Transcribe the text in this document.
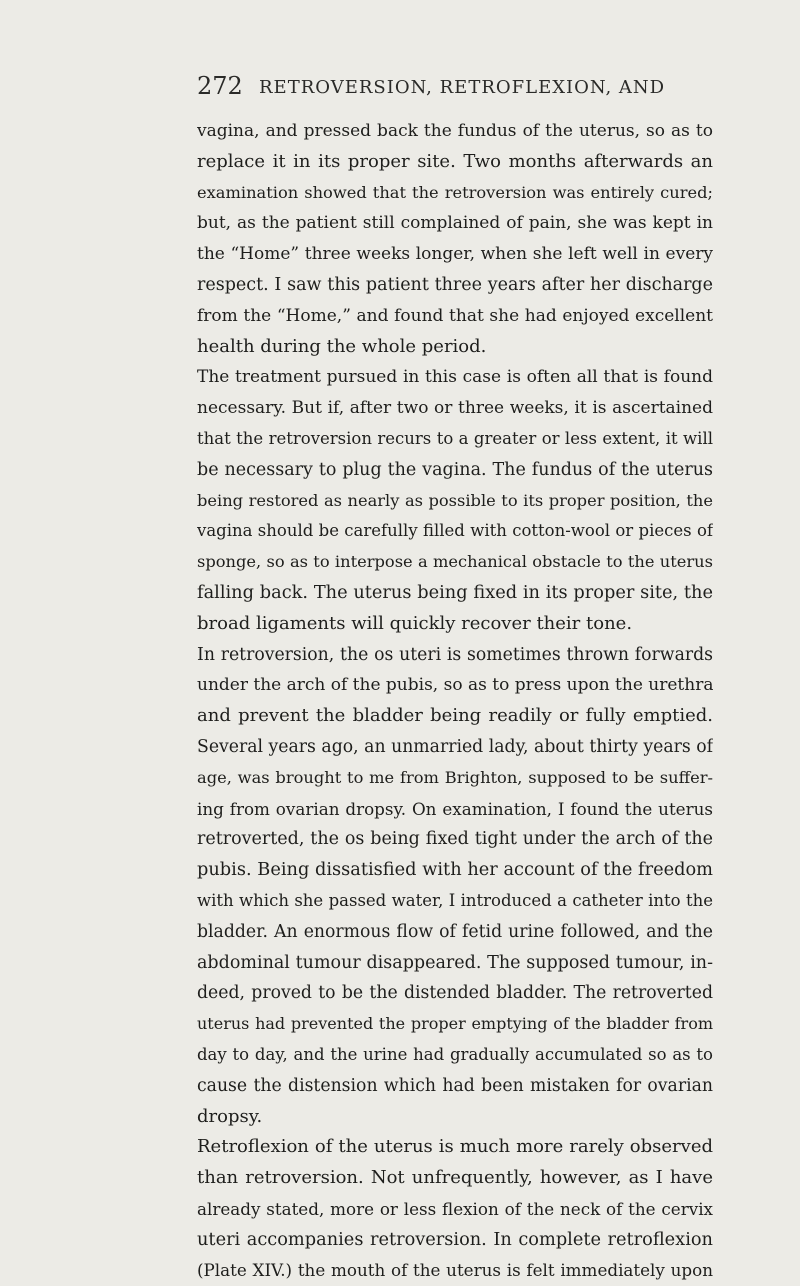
272 RETROVERSION, RETROFLEXION, AND
vagina, and pressed back the fundus of the uterus, so as to
replace it in its proper site. Two months afterwards an
examination showed that the retroversion was entirely cured;
but, as the patient still complained of pain, she was kept in
the “Home” three weeks longer, when she left well in every
respect. I saw this patient three years after her discharge
from the “Home,” and found that she had enjoyed excellent
health during the whole period.
The treatment pursued in this case is often all that is found
necessary. But if, after two or three weeks, it is ascertained
that the retroversion recurs to a greater or less extent, it will
be necessary to plug the vagina. The fundus of the uterus
being restored as nearly as possible to its proper position, the
vagina should be carefully filled with cotton-wool or pieces of
sponge, so as to interpose a mechanical obstacle to the uterus
falling back. The uterus being fixed in its proper site, the
broad ligaments will quickly recover their tone.
In retroversion, the os uteri is sometimes thrown forwards
under the arch of the pubis, so as to press upon the urethra
and prevent the bladder being readily or fully emptied.
Several years ago, an unmarried lady, about thirty years of
age, was brought to me from Brighton, supposed to be suffer-
ing from ovarian dropsy. On examination, I found the uterus
retroverted, the os being fixed tight under the arch of the
pubis. Being dissatisfied with her account of the freedom
with which she passed water, I introduced a catheter into the
bladder. An enormous flow of fetid urine followed, and the
abdominal tumour disappeared. The supposed tumour, in-
deed, proved to be the distended bladder. The retroverted
uterus had prevented the proper emptying of the bladder from
day to day, and the urine had gradually accumulated so as to
cause the distension which had been mistaken for ovarian
dropsy.
Retroflexion of the uterus is much more rarely observed
than retroversion. Not unfrequently, however, as I have
already stated, more or less flexion of the neck of the cervix
uteri accompanies retroversion. In complete retroflexion
(Plate XIV.) the mouth of the uterus is felt immediately upon
